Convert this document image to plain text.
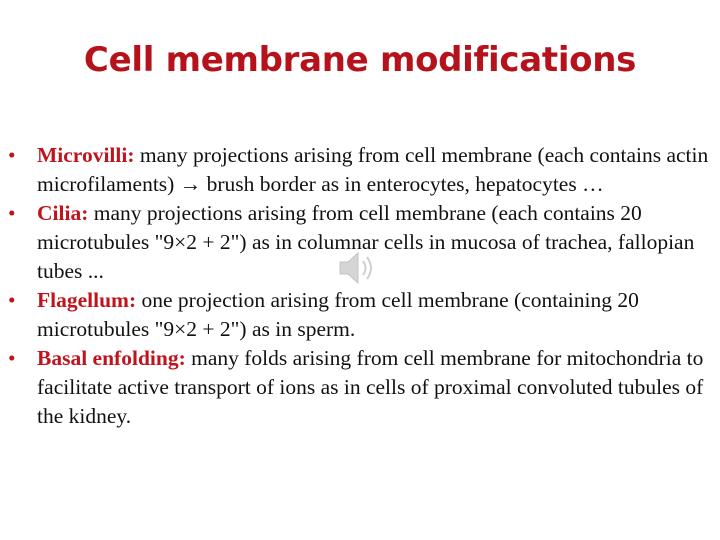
Cell membrane modifications
• Microvilli: many projections arising from cell membrane (each contains actin microfilaments) → brush border as in enterocytes, hepatocytes …
• Cilia: many projections arising from cell membrane (each contains 20 microtubules "9×2 + 2") as in columnar cells in mucosa of trachea, fallopian tubes ...
• Flagellum: one projection arising from cell membrane (containing 20 microtubules "9×2 + 2") as in sperm.
• Basal enfolding: many folds arising from cell membrane for mitochondria to facilitate active transport of ions as in cells of proximal convoluted tubules of the kidney.
